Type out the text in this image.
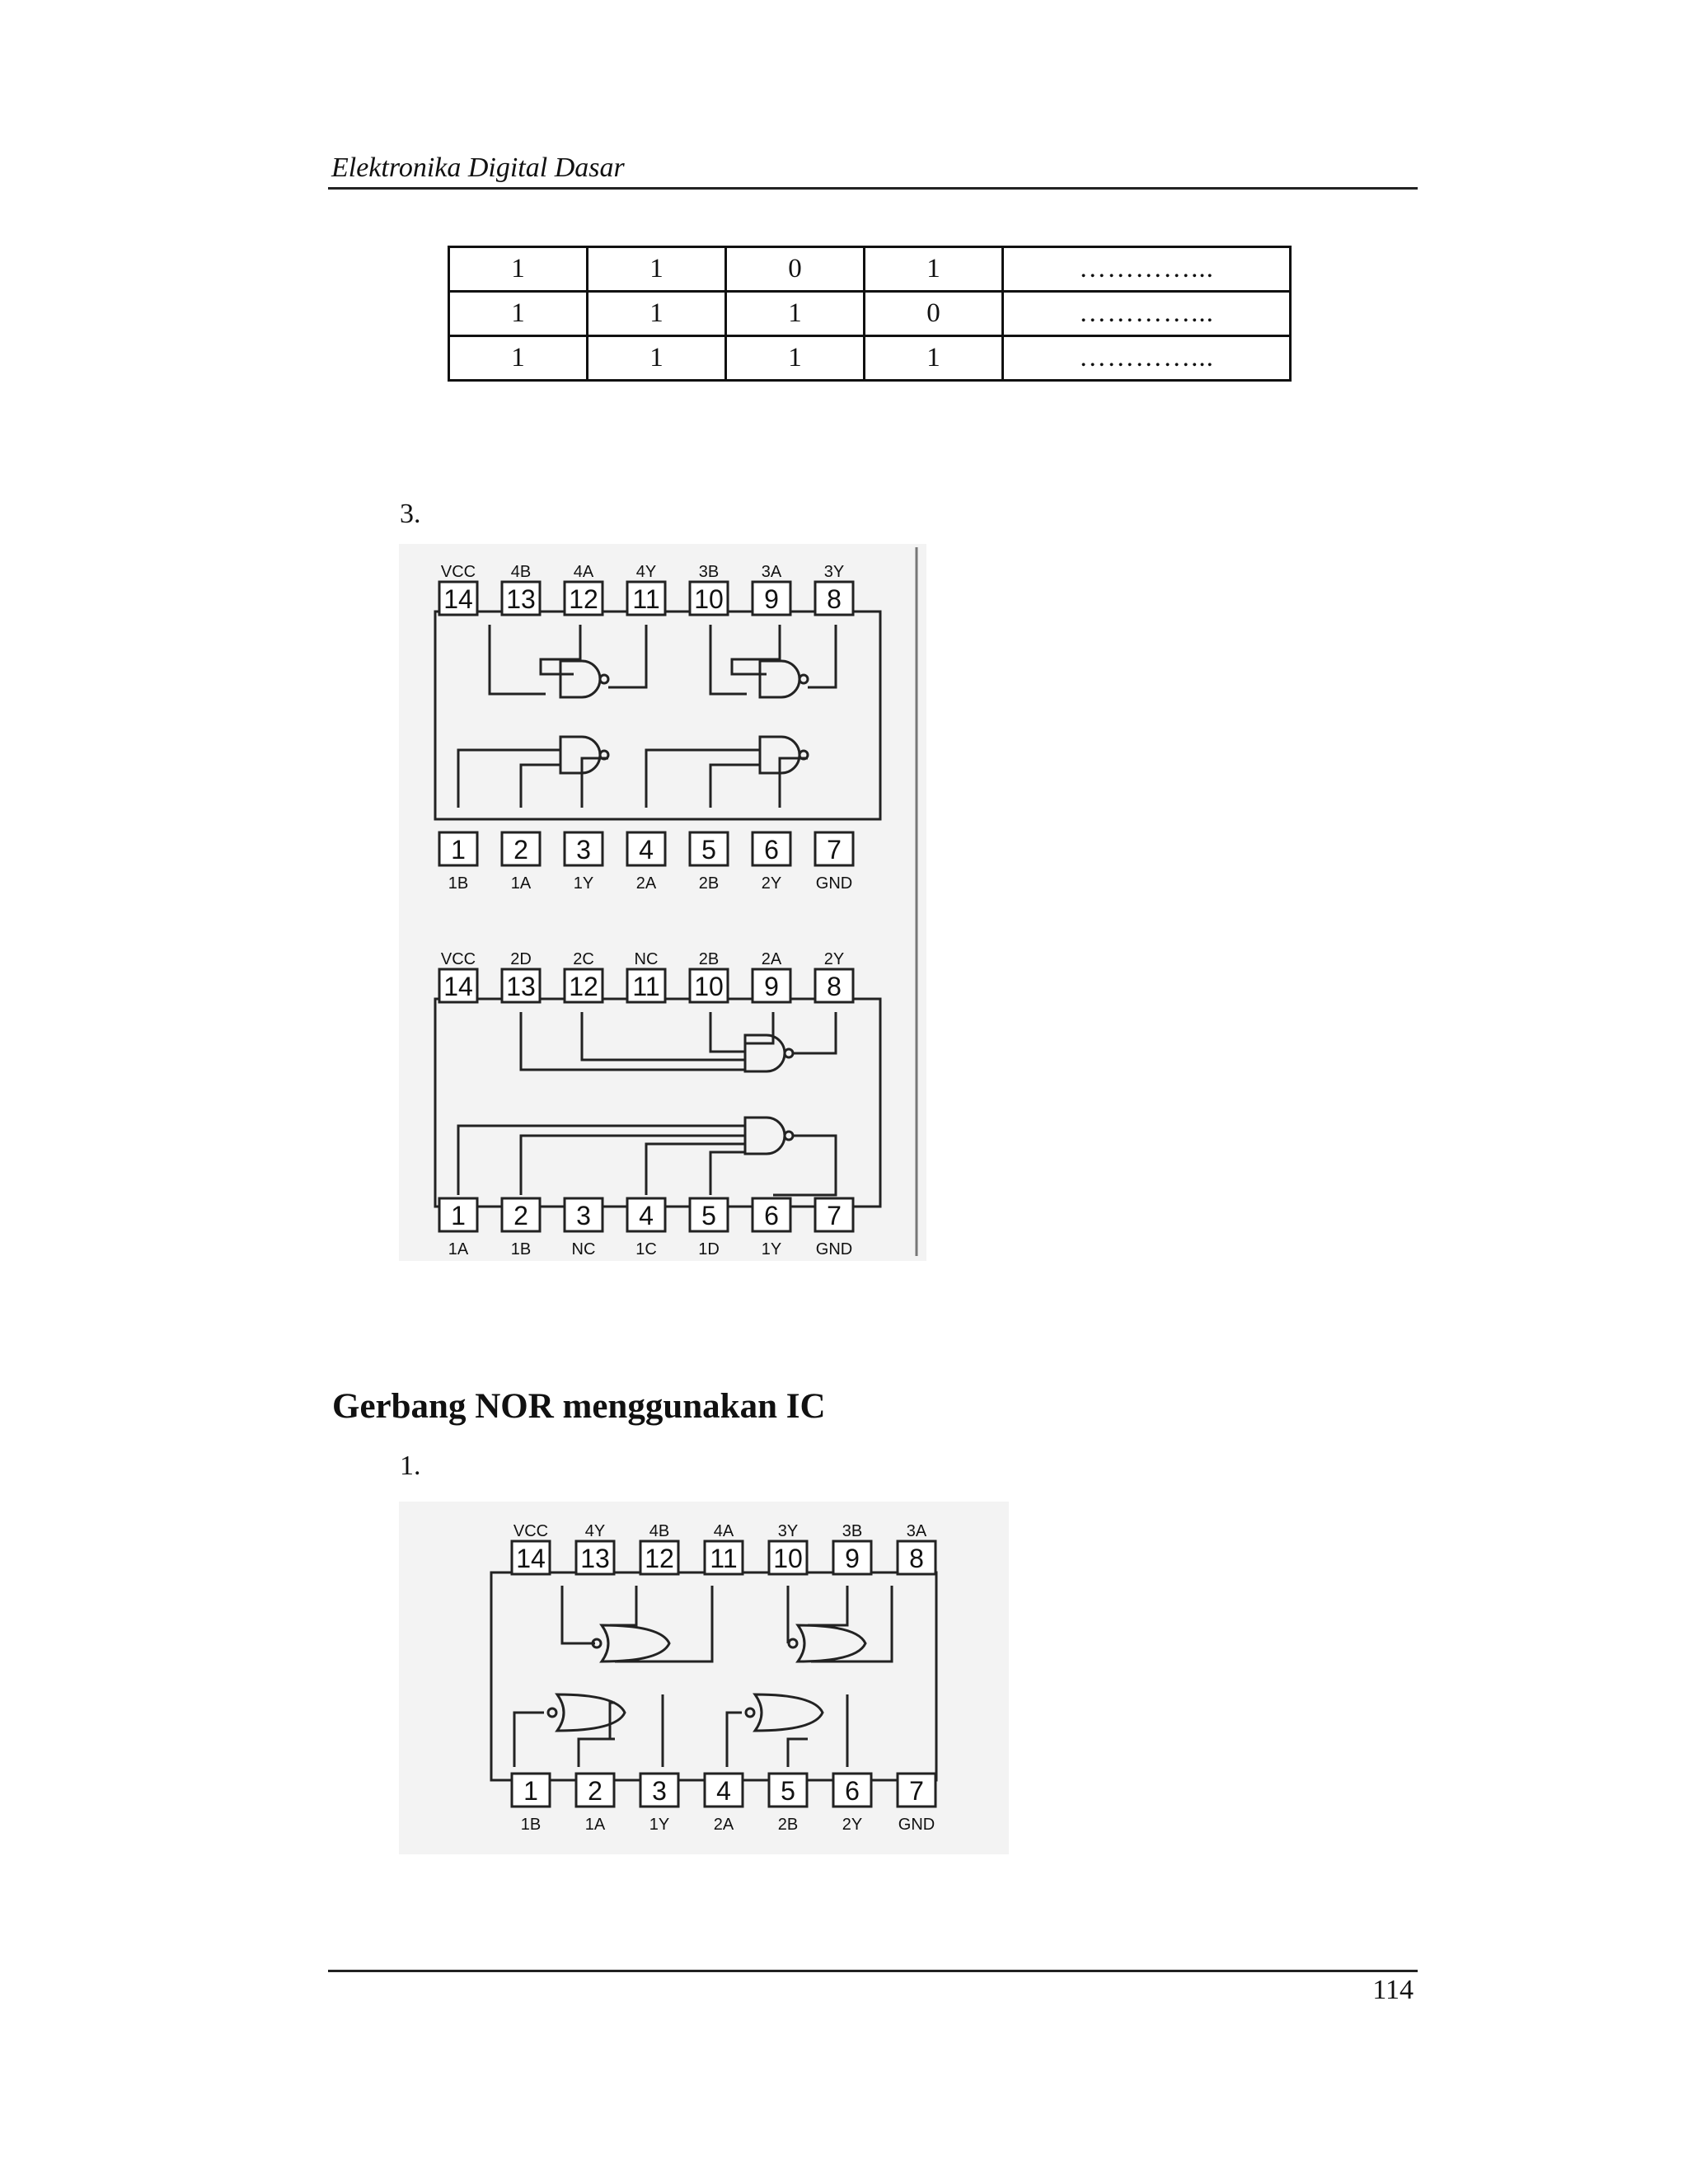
Elektronika Digital Dasar
1	1	0	1	…………...
1	1	1	0	…………...
1	1	1	1	…………...
3.
14
VCC
13
4B
12
4A
11
4Y
10
3B
9
3A
8
3Y
1
1B
2
1A
3
1Y
4
2A
5
2B
6
2Y
7
GND
14
VCC
13
2D
12
2C
11
NC
10
2B
9
2A
8
2Y
1
1A
2
1B
3
NC
4
1C
5
1D
6
1Y
7
GND
Gerbang NOR menggunakan IC
1.
14
VCC
13
4Y
12
4B
11
4A
10
3Y
9
3B
8
3A
1
1B
2
1A
3
1Y
4
2A
5
2B
6
2Y
7
GND
114
